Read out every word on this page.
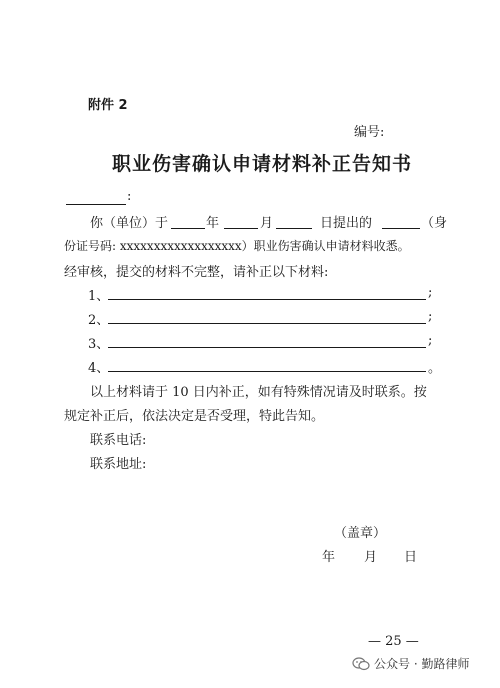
附件 2
编号:
职业伤害确认申请材料补正告知书
:
你（单位）于	年	月	日提出的	（身
份证号码: xxxxxxxxxxxxxxxxxx）职业伤害确认申请材料收悉。
经审核，提交的材料不完整，请补正以下材料:
1、	;
2、	;
3、	;
4、	。
以上材料请于 10 日内补正，如有特殊情况请及时联系。按
规定补正后，依法决定是否受理，特此告知。
联系电话:
联系地址:
（盖章）
年 月 日
— 25 —
公众号 · 勤路律师
